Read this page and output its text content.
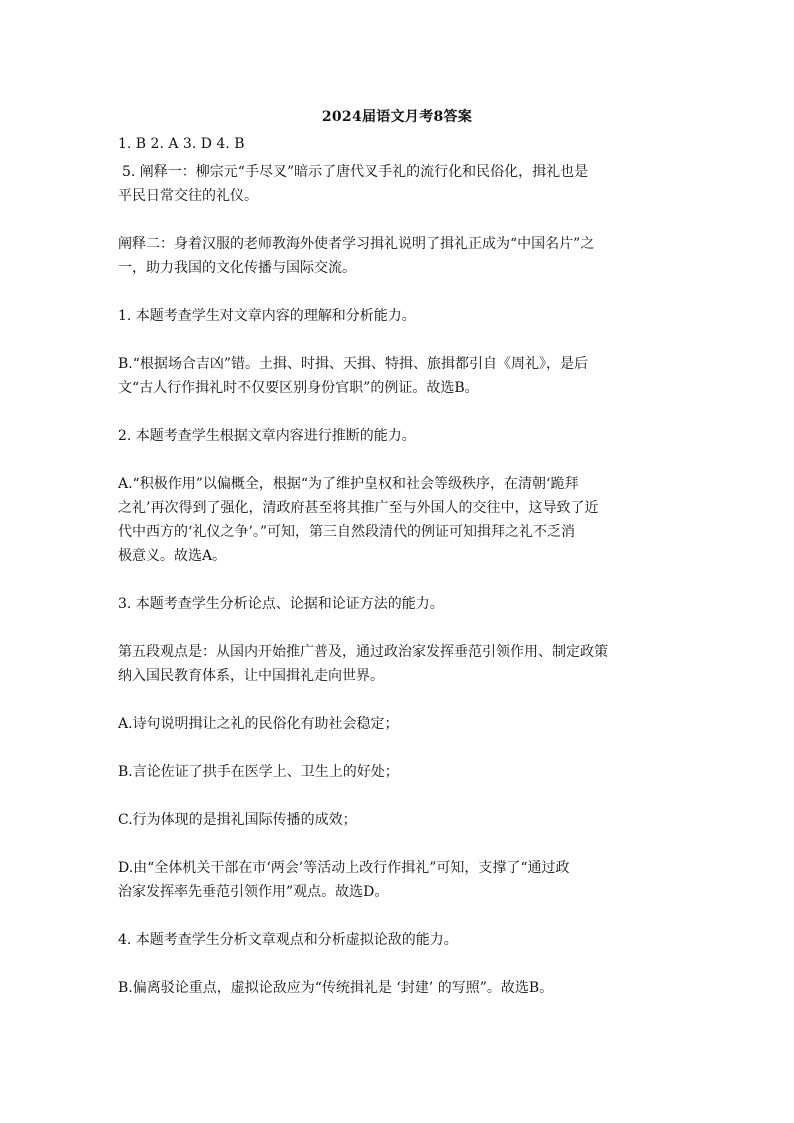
2024届语文月考8答案
1. B 2. A 3. D 4. B
5. 阐释一：柳宗元“手尽叉”暗示了唐代叉手礼的流行化和民俗化，揖礼也是
平民日常交往的礼仪。
阐释二：身着汉服的老师教海外使者学习揖礼说明了揖礼正成为“中国名片”之
一，助力我国的文化传播与国际交流。
1. 本题考查学生对文章内容的理解和分析能力。
B.“根据场合吉凶”错。土揖、时揖、天揖、特揖、旅揖都引自《周礼》，是后
文“古人行作揖礼时不仅要区别身份官职”的例证。故选B。
2. 本题考查学生根据文章内容进行推断的能力。
A.“积极作用”以偏概全，根据“为了维护皇权和社会等级秩序，在清朝‘跪拜
之礼’再次得到了强化，清政府甚至将其推广至与外国人的交往中，这导致了近
代中西方的‘礼仪之争’。”可知，第三自然段清代的例证可知揖拜之礼不乏消
极意义。故选A。
3. 本题考查学生分析论点、论据和论证方法的能力。
第五段观点是：从国内开始推广普及，通过政治家发挥垂范引领作用、制定政策
纳入国民教育体系，让中国揖礼走向世界。
A.诗句说明揖让之礼的民俗化有助社会稳定；
B.言论佐证了拱手在医学上、卫生上的好处；
C.行为体现的是揖礼国际传播的成效；
D.由“全体机关干部在市‘两会’等活动上改行作揖礼”可知，支撑了“通过政
治家发挥率先垂范引领作用”观点。故选D。
4. 本题考查学生分析文章观点和分析虚拟论敌的能力。
B.偏离驳论重点，虚拟论敌应为“传统揖礼是 ‘封建’ 的写照”。故选B。
